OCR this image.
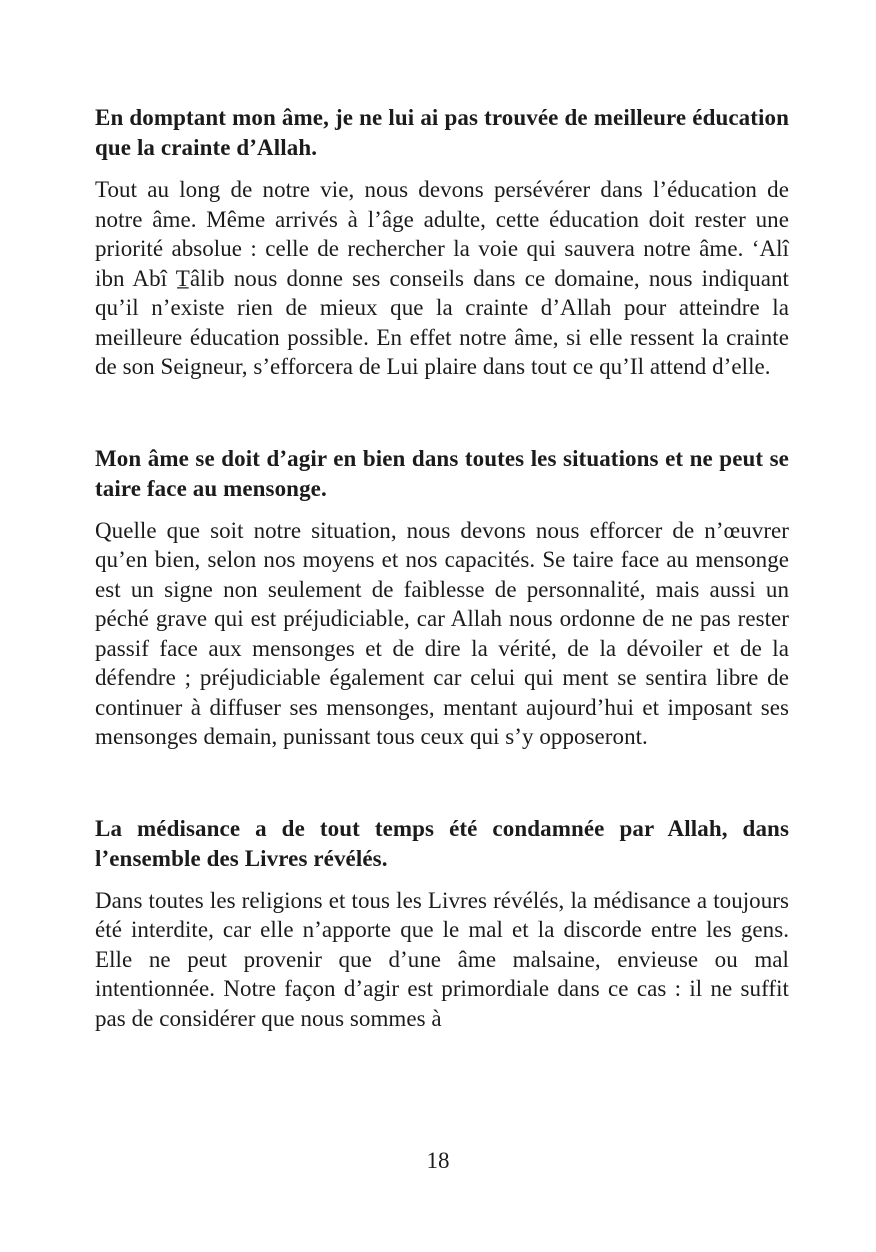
En domptant mon âme, je ne lui ai pas trouvée de meilleure éducation que la crainte d’Allah.

Tout au long de notre vie, nous devons persévérer dans l’éducation de notre âme. Même arrivés à l’âge adulte, cette éducation doit rester une priorité absolue : celle de rechercher la voie qui sauvera notre âme. ‘Alî ibn Abî T̲âlib nous donne ses conseils dans ce domaine, nous indiquant qu’il n’existe rien de mieux que la crainte d’Allah pour atteindre la meilleure éducation possible. En effet notre âme, si elle ressent la crainte de son Seigneur, s’efforcera de Lui plaire dans tout ce qu’Il attend d’elle.

Mon âme se doit d’agir en bien dans toutes les situations et ne peut se taire face au mensonge.

Quelle que soit notre situation, nous devons nous efforcer de n’œuvrer qu’en bien, selon nos moyens et nos capacités. Se taire face au mensonge est un signe non seulement de faiblesse de personnalité, mais aussi un péché grave qui est préjudiciable, car Allah nous ordonne de ne pas rester passif face aux mensonges et de dire la vérité, de la dévoiler et de la défendre ; préjudiciable également car celui qui ment se sentira libre de continuer à diffuser ses mensonges, mentant aujourd’hui et imposant ses mensonges demain, punissant tous ceux qui s’y opposeront.

La médisance a de tout temps été condamnée par Allah, dans l’ensemble des Livres révélés.

Dans toutes les religions et tous les Livres révélés, la médisance a toujours été interdite, car elle n’apporte que le mal et la discorde entre les gens. Elle ne peut provenir que d’une âme malsaine, envieuse ou mal intentionnée. Notre façon d’agir est primordiale dans ce cas : il ne suffit pas de considérer que nous sommes à

18
